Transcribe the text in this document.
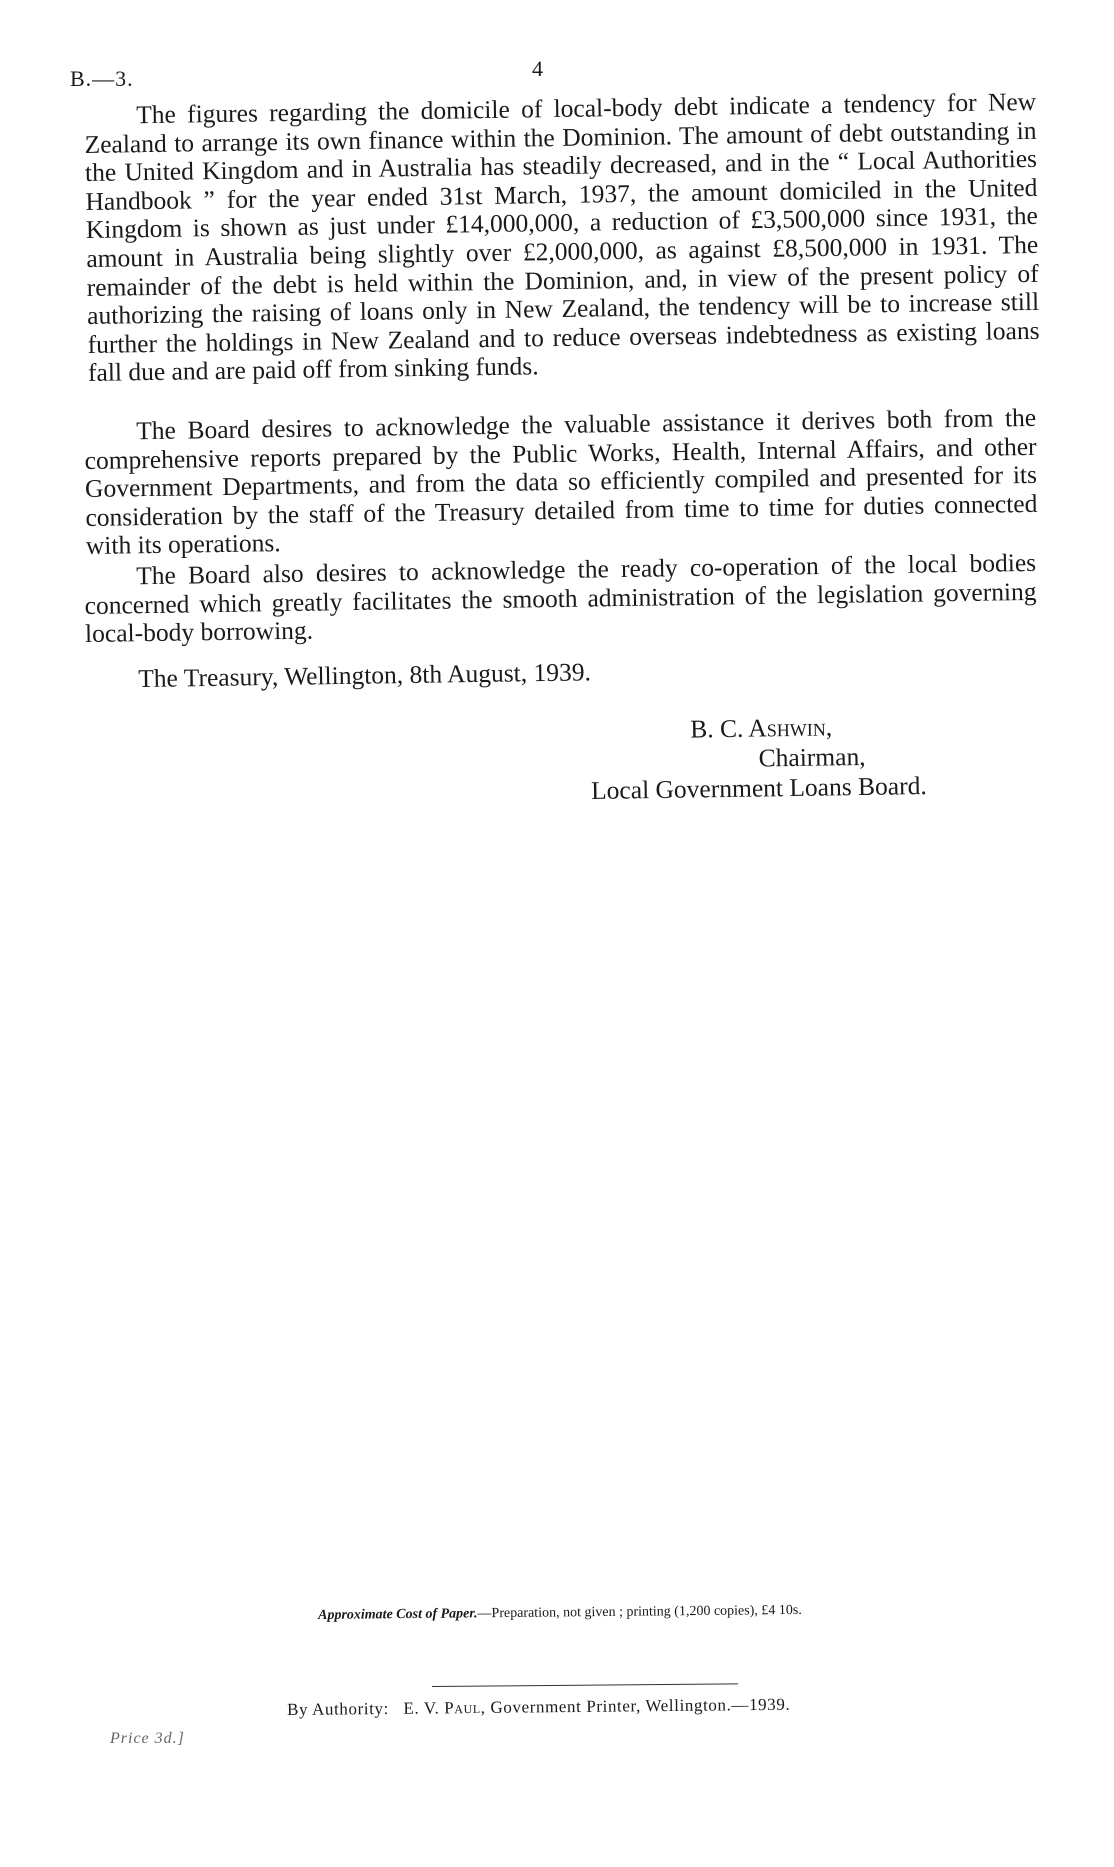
B.—3.	4

The figures regarding the domicile of local-body debt indicate a tendency for New Zealand to arrange its own finance within the Dominion. The amount of debt outstanding in the United Kingdom and in Australia has steadily decreased, and in the “ Local Authorities Handbook ” for the year ended 31st March, 1937, the amount domiciled in the United Kingdom is shown as just under £14,000,000, a reduction of £3,500,000 since 1931, the amount in Australia being slightly over £2,000,000, as against £8,500,000 in 1931. The remainder of the debt is held within the Dominion, and, in view of the present policy of authorizing the raising of loans only in New Zealand, the tendency will be to increase still further the holdings in New Zealand and to reduce overseas indebtedness as existing loans fall due and are paid off from sinking funds.

The Board desires to acknowledge the valuable assistance it derives both from the comprehensive reports prepared by the Public Works, Health, Internal Affairs, and other Government Departments, and from the data so efficiently compiled and presented for its consideration by the staff of the Treasury detailed from time to time for duties connected with its operations.

The Board also desires to acknowledge the ready co-operation of the local bodies concerned which greatly facilitates the smooth administration of the legislation governing local-body borrowing.

The Treasury, Wellington, 8th August, 1939.
B. C. Ashwin,
Chairman,
Local Government Loans Board.
Approximate Cost of Paper.—Preparation, not given ; printing (1,200 copies), £4 10s.
By Authority: E. V. Paul, Government Printer, Wellington.—1939.
Price 3d.]
